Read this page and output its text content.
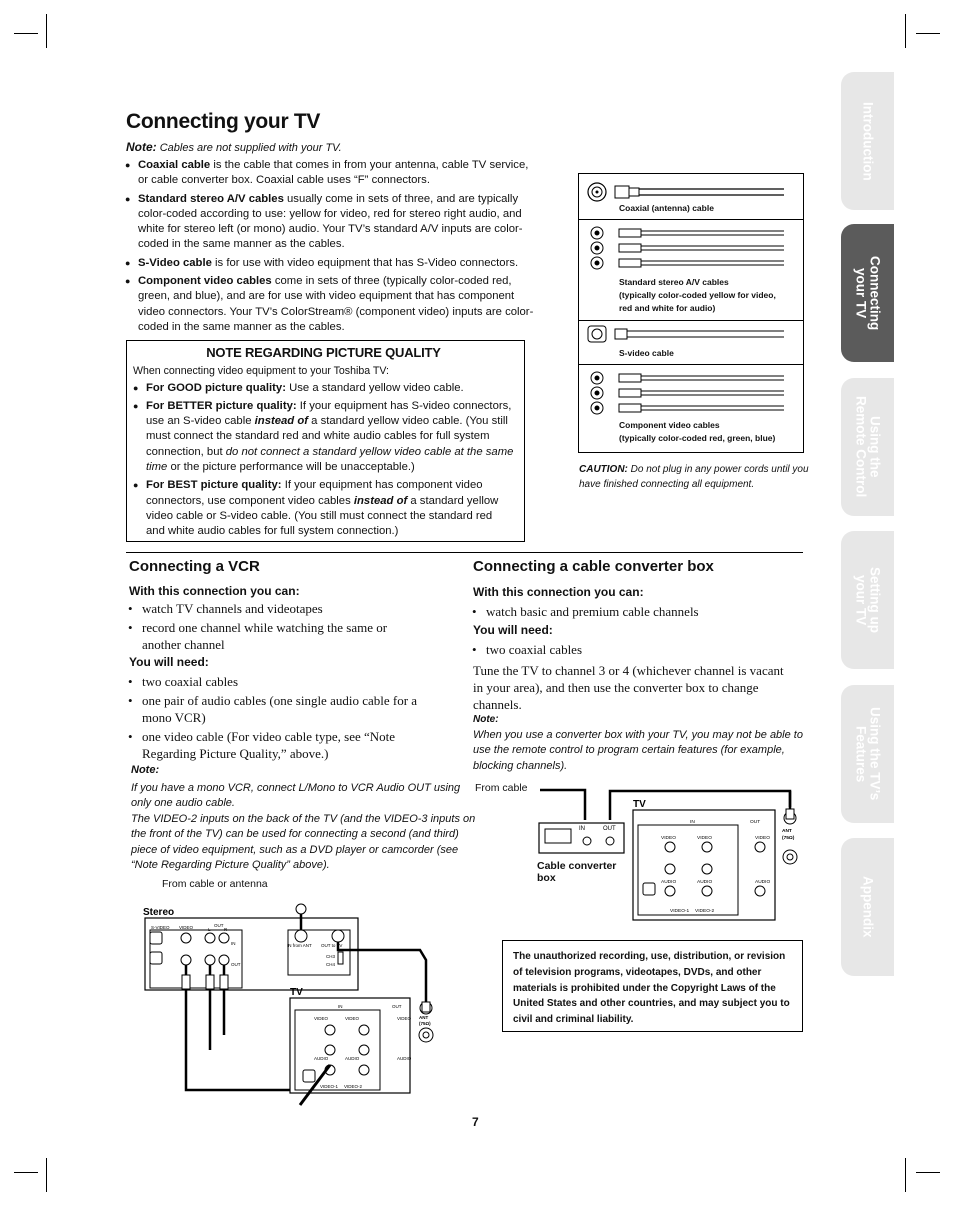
Connecting your TV
Note: Cables are not supplied with your TV.
● Coaxial cable is the cable that comes in from your antenna, cable TV service, or cable converter box. Coaxial cable uses “F” connectors.
● Standard stereo A/V cables usually come in sets of three, and are typically color-coded according to use: yellow for video, red for stereo right audio, and white for stereo left (or mono) audio. Your TV’s standard A/V inputs are color-coded in the same manner as the cables.
● S-Video cable is for use with video equipment that has S-Video connectors.
● Component video cables come in sets of three (typically color-coded red, green, and blue), and are for use with video equipment that has component video connectors. Your TV’s ColorStream® (component video) inputs are color-coded in the same manner as the cables.
NOTE REGARDING PICTURE QUALITY
When connecting video equipment to your Toshiba TV:
● For GOOD picture quality: Use a standard yellow video cable.
● For BETTER picture quality: If your equipment has S-video connectors, use an S-video cable instead of a standard yellow video cable. (You still must connect the standard red and white audio cables for full system connection, but do not connect a standard yellow video cable at the same time or the picture performance will be unacceptable.)
● For BEST picture quality: If your equipment has component video connectors, use component video cables instead of a standard yellow video cable or S-video cable. (You still must connect the standard red and white audio cables for full system connection.)
Coaxial (antenna) cable
Standard stereo A/V cables
(typically color-coded yellow for video,
red and white for audio)
S-video cable
Component video cables
(typically color-coded red, green, blue)
CAUTION: Do not plug in any power cords until you have finished connecting all equipment.
Connecting a VCR
With this connection you can:
• watch TV channels and videotapes
• record one channel while watching the same or another channel
You will need:
• two coaxial cables
• one pair of audio cables (one single audio cable for a mono VCR)
• one video cable (For video cable type, see “Note Regarding Picture Quality,” above.)
Note:
If you have a mono VCR, connect L/Mono to VCR Audio OUT using only one audio cable.
The VIDEO-2 inputs on the back of the TV (and the VIDEO-3 inputs on the front of the TV) can be used for connecting a second (and third) piece of video equipment, such as a DVD player or camcorder (see “Note Regarding Picture Quality” above).
From cable or antenna
Stereo
TV
S-VIDEO VIDEO	L
OUT
R
IN
OUT
IN from ANT OUT to TV
CH3
CH4
IN	OUT
VIDEO	VIDEO	VIDEO
AUDIO	AUDIO	AUDIO
VIDEO-1 VIDEO-2
ANT
(75Ω)
Connecting a cable converter box
With this connection you can:
• watch basic and premium cable channels
You will need:
• two coaxial cables
Tune the TV to channel 3 or 4 (whichever channel is vacant in your area), and then use the converter box to change channels.
Note:
When you use a converter box with your TV, you may not be able to use the remote control to program certain features (for example, blocking channels).
From cable
TV
IN	OUT
IN	OUT
VIDEO	VIDEO	VIDEO
AUDIO	AUDIO	AUDIO
VIDEO-1 VIDEO-2
ANT
(75Ω)
Cable converter box
The unauthorized recording, use, distribution, or revision of television programs, videotapes, DVDs, and other materials is prohibited under the Copyright Laws of the United States and other countries, and may subject you to civil and criminal liability.
7
Introduction
Connecting
your TV
Using the
Remote Control
Setting up
your TV
Using the TV’s
Features
Appendix
